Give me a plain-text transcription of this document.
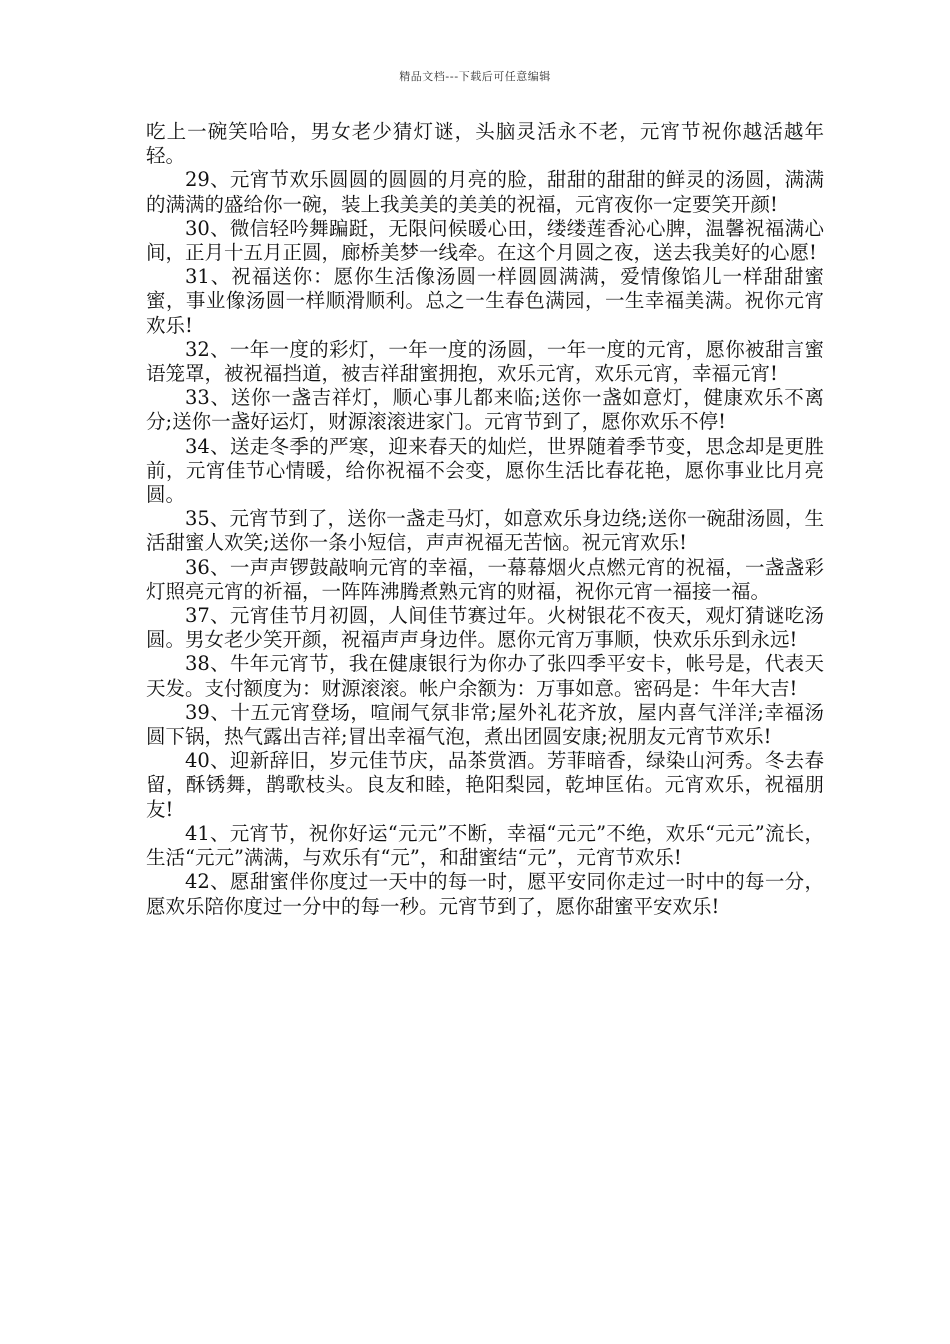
精品文档---下载后可任意编辑

吃上一碗笑哈哈，男女老少猜灯谜，头脑灵活永不老，元宵节祝你越活越年轻。

29、元宵节欢乐圆圆的圆圆的月亮的脸，甜甜的甜甜的鲜灵的汤圆，满满的满满的盛给你一碗，装上我美美的美美的祝福，元宵夜你一定要笑开颜!

30、微信轻吟舞蹁跹，无限问候暖心田，缕缕莲香沁心脾，温馨祝福满心间，正月十五月正圆，廊桥美梦一线牵。在这个月圆之夜，送去我美好的心愿!

31、祝福送你：愿你生活像汤圆一样圆圆满满，爱情像馅儿一样甜甜蜜蜜，事业像汤圆一样顺滑顺利。总之一生春色满园，一生幸福美满。祝你元宵欢乐!

32、一年一度的彩灯，一年一度的汤圆，一年一度的元宵，愿你被甜言蜜语笼罩，被祝福挡道，被吉祥甜蜜拥抱，欢乐元宵，欢乐元宵，幸福元宵!

33、送你一盏吉祥灯，顺心事儿都来临;送你一盏如意灯，健康欢乐不离分;送你一盏好运灯，财源滚滚进家门。元宵节到了，愿你欢乐不停!

34、送走冬季的严寒，迎来春天的灿烂，世界随着季节变，思念却是更胜前，元宵佳节心情暖，给你祝福不会变，愿你生活比春花艳，愿你事业比月亮圆。

35、元宵节到了，送你一盏走马灯，如意欢乐身边绕;送你一碗甜汤圆，生活甜蜜人欢笑;送你一条小短信，声声祝福无苦恼。祝元宵欢乐!

36、一声声锣鼓敲响元宵的幸福，一幕幕烟火点燃元宵的祝福，一盏盏彩灯照亮元宵的祈福，一阵阵沸腾煮熟元宵的财福，祝你元宵一福接一福。

37、元宵佳节月初圆，人间佳节赛过年。火树银花不夜天，观灯猜谜吃汤圆。男女老少笑开颜，祝福声声身边伴。愿你元宵万事顺，快欢乐乐到永远!

38、牛年元宵节，我在健康银行为你办了张四季平安卡，帐号是，代表天天发。支付额度为：财源滚滚。帐户余额为：万事如意。密码是：牛年大吉!

39、十五元宵登场，喧闹气氛非常;屋外礼花齐放，屋内喜气洋洋;幸福汤圆下锅，热气露出吉祥;冒出幸福气泡，煮出团圆安康;祝朋友元宵节欢乐!

40、迎新辞旧，岁元佳节庆，品茶赏酒。芳菲暗香，绿染山河秀。冬去春留，酥锈舞，鹊歌枝头。良友和睦，艳阳梨园，乾坤匡佑。元宵欢乐，祝福朋友!

41、元宵节，祝你好运“元元”不断，幸福“元元”不绝，欢乐“元元”流长，生活“元元”满满，与欢乐有“元”，和甜蜜结“元”，元宵节欢乐!

42、愿甜蜜伴你度过一天中的每一时，愿平安同你走过一时中的每一分，愿欢乐陪你度过一分中的每一秒。元宵节到了，愿你甜蜜平安欢乐!
